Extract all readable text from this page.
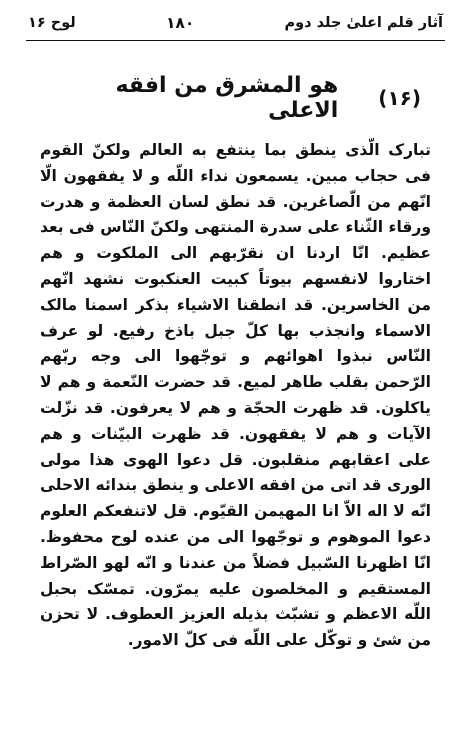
آثار قلم اعلیٰ جلد دوم
۱۸۰
لوح ۱۶
(۱۶)
هو المشرق من افقه الاعلی

تبارک الّذی ینطق بما ینتفع به العالم ولکنّ القوم فی حجاب مبین. یسمعون نداء اللّه و لا یفقهون الّا انّهم من الّصاغرین. قد نطق لسان العظمة و هدرت ورقاء الثّناء علی سدرة المنتهی ولکنّ النّاس فی بعد عظیم. انّا اردنا ان نقرّبهم الی الملکوت و هم اختاروا لانفسهم بیوتاً کبیت العنکبوت نشهد انّهم من الخاسرین. قد انطقنا الاشیاء بذکر اسمنا مالک الاسماء وانجذب بها کلّ جبل باذخ رفیع. لو عرف النّاس نبذوا اهوائهم و توجّهوا الی وجه ربّهم الرّحمن بقلب طاهر لمیع. قد حضرت النّعمة و هم لا یاکلون. قد ظهرت الحجّة و هم لا یعرفون. قد نزّلت الآیات و هم لا یفقهون. قد ظهرت البیّنات و هم علی اعقابهم منقلبون. قل دعوا الهوی هذا مولی الوری قد اتی من افقه الاعلی و ینطق بندائه الاحلی انّه لا اله الاّ انا المهیمن القیّوم. قل لاتنفعکم العلوم دعوا الموهوم و توجّهوا الی من عنده لوح محفوظ. انّا اظهرنا السّبیل فضلاً من عندنا و انّه لهو الصّراط المستقیم و المخلصون علیه یمرّون. تمسّک بحبل اللّه الاعظم و تشبّث بذیله العزیز العطوف. لا تحزن من شئ و توکّل علی اللّه فی کلّ الامور.
